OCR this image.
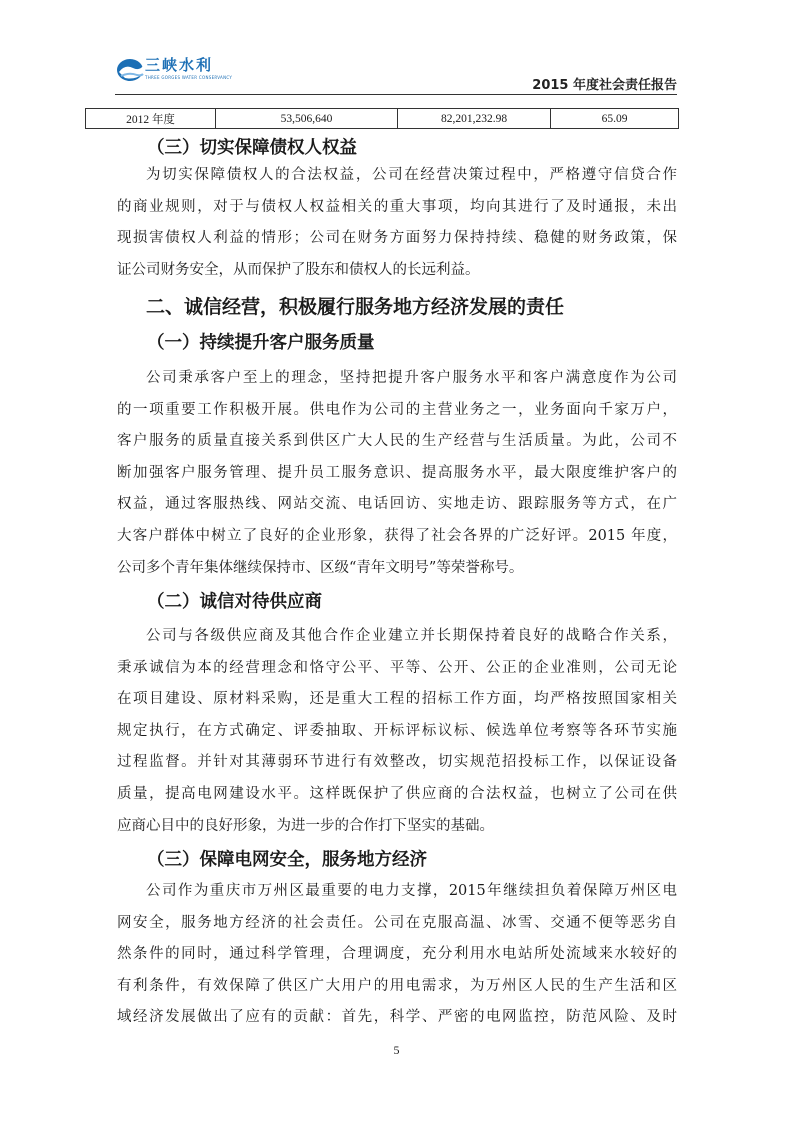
三峡水利
THREE GORGES WATER CONSERVANCY
2015 年度社会责任报告
2012 年度	53,506,640	82,201,232.98	65.09
（三）切实保障债权人权益
为切实保障债权人的合法权益，公司在经营决策过程中，严格遵守信贷合作
的商业规则，对于与债权人权益相关的重大事项，均向其进行了及时通报，未出
现损害债权人利益的情形；公司在财务方面努力保持持续、稳健的财务政策，保
证公司财务安全，从而保护了股东和债权人的长远利益。
二、诚信经营，积极履行服务地方经济发展的责任
（一）持续提升客户服务质量
公司秉承客户至上的理念，坚持把提升客户服务水平和客户满意度作为公司
的一项重要工作积极开展。供电作为公司的主营业务之一，业务面向千家万户，
客户服务的质量直接关系到供区广大人民的生产经营与生活质量。为此，公司不
断加强客户服务管理、提升员工服务意识、提高服务水平，最大限度维护客户的
权益，通过客服热线、网站交流、电话回访、实地走访、跟踪服务等方式，在广
大客户群体中树立了良好的企业形象，获得了社会各界的广泛好评。2015 年度，
公司多个青年集体继续保持市、区级“青年文明号”等荣誉称号。
（二）诚信对待供应商
公司与各级供应商及其他合作企业建立并长期保持着良好的战略合作关系，
秉承诚信为本的经营理念和恪守公平、平等、公开、公正的企业准则，公司无论
在项目建设、原材料采购，还是重大工程的招标工作方面，均严格按照国家相关
规定执行，在方式确定、评委抽取、开标评标议标、候选单位考察等各环节实施
过程监督。并针对其薄弱环节进行有效整改，切实规范招投标工作，以保证设备
质量，提高电网建设水平。这样既保护了供应商的合法权益，也树立了公司在供
应商心目中的良好形象，为进一步的合作打下坚实的基础。
（三）保障电网安全，服务地方经济
公司作为重庆市万州区最重要的电力支撑，2015年继续担负着保障万州区电
网安全，服务地方经济的社会责任。公司在克服高温、冰雪、交通不便等恶劣自
然条件的同时，通过科学管理，合理调度，充分利用水电站所处流域来水较好的
有利条件，有效保障了供区广大用户的用电需求，为万州区人民的生产生活和区
域经济发展做出了应有的贡献：首先，科学、严密的电网监控，防范风险、及时
5
